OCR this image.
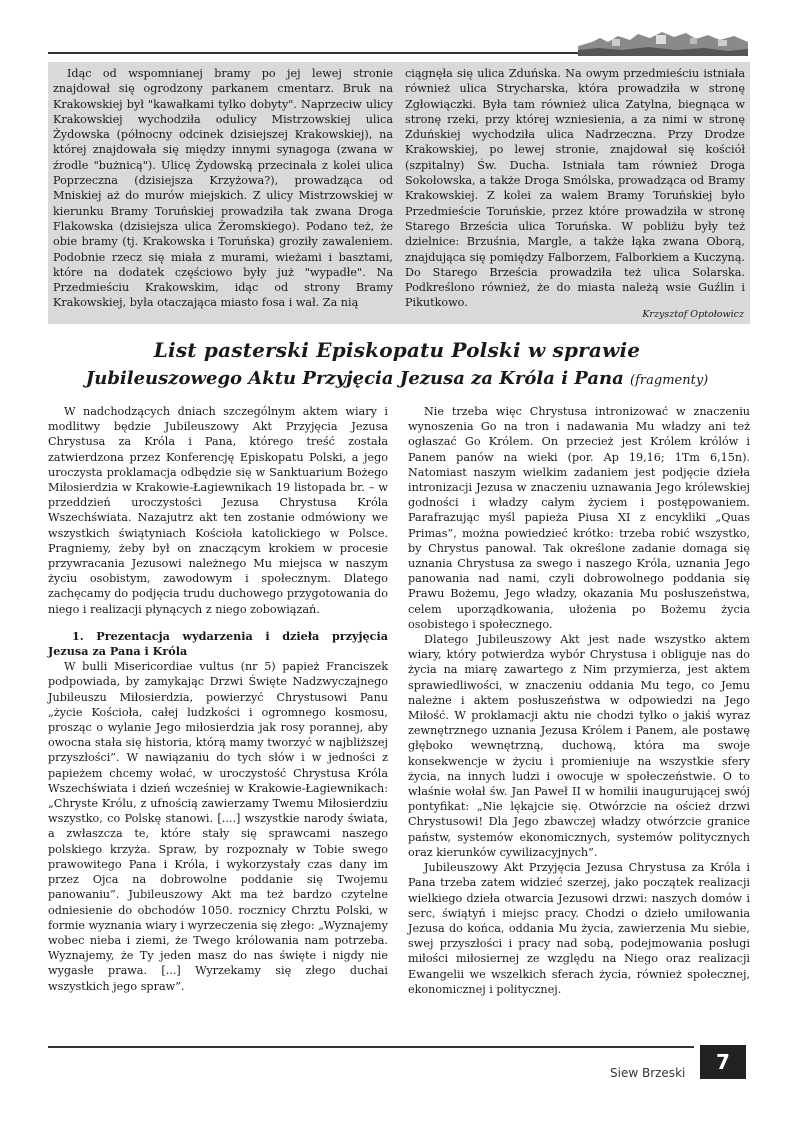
Idąc od wspomnianej bramy po jej lewej stronie znajdował się ogrodzony parkanem cmentarz. Bruk na Krakowskiej był "kawałkami tylko dobyty". Naprzeciw ulicy Krakowskiej wychodziła odulicy Mistrzowskiej ulica Żydowska (północny odcinek dzisiejszej Krakowskiej), na której znajdowała się między innymi synagoga (zwana w źrodle "bużnicą"). Ulicę Żydowską przecinała z kolei ulica Poprzeczna (dzisiejsza Krzyżowa?), prowadząca od Mniskiej aż do murów miejskich. Z ulicy Mistrzowskiej w kierunku Bramy Toruńskiej prowadziła tak zwana Droga Flakowska (dzisiejsza ulica Żeromskiego). Podano też, że obie bramy (tj. Krakowska i Toruńska) groziły zawaleniem. Podobnie rzecz się miała z murami, wieżami i basztami, które na dodatek częściowo były już "wypadłe". Na Przedmieściu Krakowskim, idąc od strony Bramy Krakowskiej, była otaczająca miasto fosa i wał. Za nią

ciągnęła się ulica Zduńska. Na owym przedmieściu istniała również ulica Strycharska, która prowadziła w stronę Zgłowiączki. Była tam również ulica Zatylna, biegnąca w stronę rzeki, przy której wzniesienia, a za nimi w stronę Zduńskiej wychodziła ulica Nadrzeczna. Przy Drodze Krakowskiej, po lewej stronie, znajdował się kościół (szpitalny) Św. Ducha. Istniała tam również Droga Sokołowska, a także Droga Smólska, prowadząca od Bramy Krakowskiej. Z kolei za walem Bramy Toruńskiej było Przedmieście Toruńskie, przez które prowadziła w stronę Starego Brześcia ulica Toruńska. W pobliżu były też dzielnice: Brzuśnia, Margle, a także łąka zwana Oborą, znajdująca się pomiędzy Falborzem, Falborkiem a Kuczyną. Do Starego Brześcia prowadziła też ulica Solarska. Podkreślono również, że do miasta należą wsie Guźlin i Pikutkowo.

Krzysztof Optołowicz
List pasterski Episkopatu Polski w sprawie
Jubileuszowego Aktu Przyjęcia Jezusa za Króla i Pana (fragmenty)

W nadchodzących dniach szczególnym aktem wiary i modlitwy będzie Jubileuszowy Akt Przyjęcia Jezusa Chrystusa za Króla i Pana, którego treść została zatwierdzona przez Konferencję Episkopatu Polski, a jego uroczysta proklamacja odbędzie się w Sanktuarium Bożego Miłosierdzia w Krakowie-Łagiewnikach 19 listopada br. – w przeddzień uroczystości Jezusa Chrystusa Króla Wszechświata. Nazajutrz akt ten zostanie odmówiony we wszystkich świątyniach Kościoła katolickiego w Polsce. Pragniemy, żeby był on znaczącym krokiem w procesie przywracania Jezusowi należnego Mu miejsca w naszym życiu osobistym, zawodowym i społecznym. Dlatego zachęcamy do podjęcia trudu duchowego przygotowania do niego i realizacji płynących z niego zobowiązań.

1. Prezentacja wydarzenia i dzieła przyjęcia Jezusa za Pana i Króla

W bulli Misericordiae vultus (nr 5) papież Franciszek podpowiada, by zamykając Drzwi Święte Nadzwyczajnego Jubileuszu Miłosierdzia, powierzyć Chrystusowi Panu „życie Kościoła, całej ludzkości i ogromnego kosmosu, prosząc o wylanie Jego miłosierdzia jak rosy porannej, aby owocna stała się historia, którą mamy tworzyć w najbliższej przyszłości”. W nawiązaniu do tych słów i w jedności z papieżem chcemy wołać, w uroczystość Chrystusa Króla Wszechświata i dzień wcześniej w Krakowie-Łagiewnikach: „Chryste Królu, z ufnością zawierzamy Twemu Miłosierdziu wszystko, co Polskę stanowi. [....] wszystkie narody świata, a zwłaszcza te, które stały się sprawcami naszego polskiego krzyża. Spraw, by rozpoznały w Tobie swego prawowitego Pana i Króla, i wykorzystały czas dany im przez Ojca na dobrowolne poddanie się Twojemu panowaniu”. Jubileuszowy Akt ma też bardzo czytelne odniesienie do obchodów 1050. rocznicy Chrztu Polski, w formie wyznania wiary i wyrzeczenia się złego: „Wyznajemy wobec nieba i ziemi, że Twego królowania nam potrzeba. Wyznajemy, że Ty jeden masz do nas święte i nigdy nie wygasłe prawa. [...] Wyrzekamy się złego duchai wszystkich jego spraw”.

Nie trzeba więc Chrystusa intronizować w znaczeniu wynoszenia Go na tron i nadawania Mu władzy ani też ogłaszać Go Królem. On przecież jest Królem królów i Panem panów na wieki (por. Ap 19,16; 1Tm 6,15n). Natomiast naszym wielkim zadaniem jest podjęcie dzieła intronizacji Jezusa w znaczeniu uznawania Jego królewskiej godności i władzy całym życiem i postępowaniem. Parafrazując myśl papieża Piusa XI z encykliki „Quas Primas”, można powiedzieć krótko: trzeba robić wszystko, by Chrystus panował. Tak określone zadanie domaga się uznania Chrystusa za swego i naszego Króla, uznania Jego panowania nad nami, czyli dobrowolnego poddania się Prawu Bożemu, Jego władzy, okazania Mu posłuszeństwa, celem uporządkowania, ułożenia po Bożemu życia osobistego i społecznego.

Dlatego Jubileuszowy Akt jest nade wszystko aktem wiary, który potwierdza wybór Chrystusa i obliguje nas do życia na miarę zawartego z Nim przymierza, jest aktem sprawiedliwości, w znaczeniu oddania Mu tego, co Jemu należne i aktem posłuszeństwa w odpowiedzi na Jego Miłość. W proklamacji aktu nie chodzi tylko o jakiś wyraz zewnętrznego uznania Jezusa Królem i Panem, ale postawę głęboko wewnętrzną, duchową, która ma swoje konsekwencje w życiu i promieniuje na wszystkie sfery życia, na innych ludzi i owocuje w społeczeństwie. O to właśnie wołał św. Jan Paweł II w homilii inaugurującej swój pontyfikat: „Nie lękajcie się. Otwórzcie na oścież drzwi Chrystusowi! Dla Jego zbawczej władzy otwórzcie granice państw, systemów ekonomicznych, systemów politycznych oraz kierunków cywilizacyjnych”.

Jubileuszowy Akt Przyjęcia Jezusa Chrystusa za Króla i Pana trzeba zatem widzieć szerzej, jako początek realizacji wielkiego dzieła otwarcia Jezusowi drzwi: naszych domów i serc, świątyń i miejsc pracy. Chodzi o dzieło umiłowania Jezusa do końca, oddania Mu życia, zawierzenia Mu siebie, swej przyszłości i pracy nad sobą, podejmowania posługi miłości miłosiernej ze względu na Niego oraz realizacji Ewangelii we wszelkich sferach życia, również społecznej, ekonomicznej i politycznej.

Siew Brzeski	7
